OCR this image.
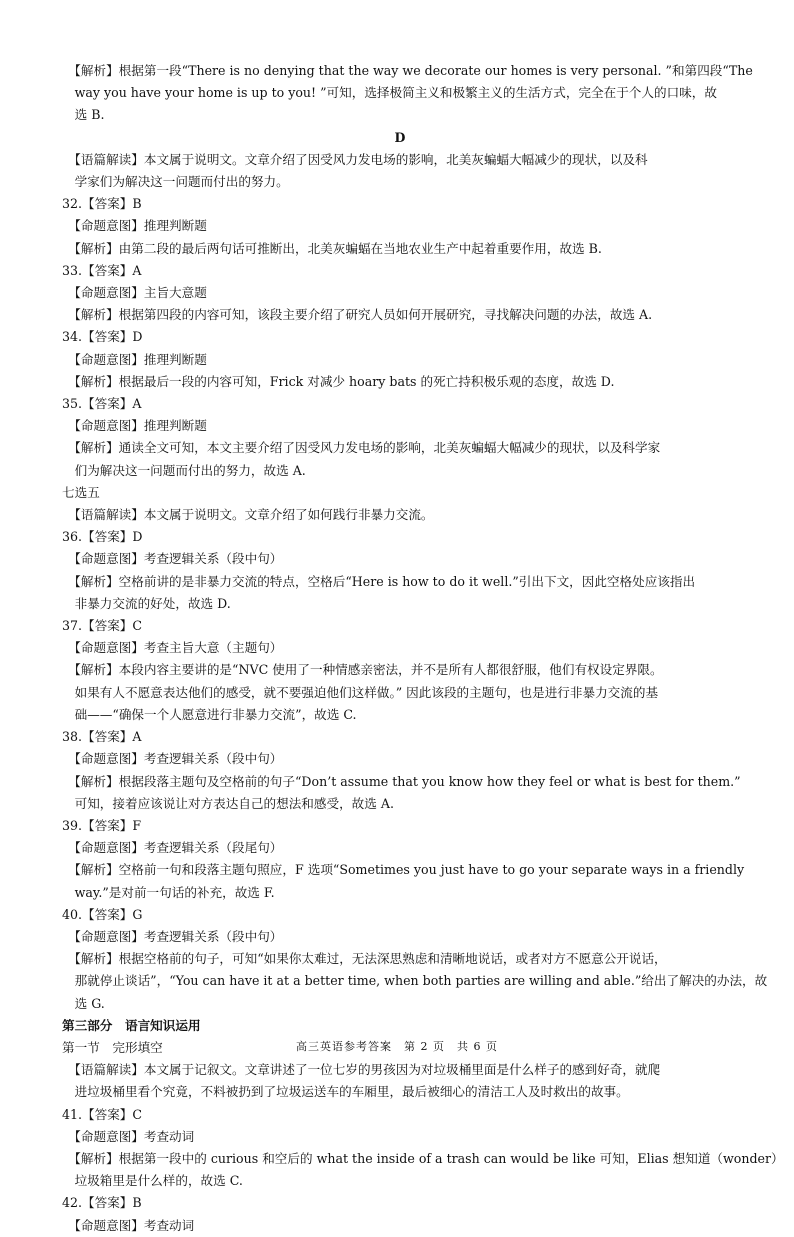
　【解析】根据第一段“There is no denying that the way we decorate our homes is very personal. ”和第四段“The
　way you have your home is up to you! ”可知，选择极简主义和极繁主义的生活方式，完全在于个人的口味，故
　选 B.
D
　【语篇解读】本文属于说明文。文章介绍了因受风力发电场的影响，北美灰蝙蝠大幅减少的现状，以及科
　学家们为解决这一问题而付出的努力。
32.【答案】B
　【命题意图】推理判断题
　【解析】由第二段的最后两句话可推断出，北美灰蝙蝠在当地农业生产中起着重要作用，故选 B.
33.【答案】A
　【命题意图】主旨大意题
　【解析】根据第四段的内容可知，该段主要介绍了研究人员如何开展研究，寻找解决问题的办法，故选 A.
34.【答案】D
　【命题意图】推理判断题
　【解析】根据最后一段的内容可知，Frick 对减少 hoary bats 的死亡持积极乐观的态度，故选 D.
35.【答案】A
　【命题意图】推理判断题
　【解析】通读全文可知，本文主要介绍了因受风力发电场的影响，北美灰蝙蝠大幅减少的现状，以及科学家
　们为解决这一问题而付出的努力，故选 A.
七选五
　【语篇解读】本文属于说明文。文章介绍了如何践行非暴力交流。
36.【答案】D
　【命题意图】考查逻辑关系（段中句）
　【解析】空格前讲的是非暴力交流的特点，空格后“Here is how to do it well.”引出下文，因此空格处应该指出
　非暴力交流的好处，故选 D.
37.【答案】C
　【命题意图】考查主旨大意（主题句）
　【解析】本段内容主要讲的是“NVC 使用了一种情感亲密法，并不是所有人都很舒服，他们有权设定界限。
　如果有人不愿意表达他们的感受，就不要强迫他们这样做。” 因此该段的主题句，也是进行非暴力交流的基
　础——“确保一个人愿意进行非暴力交流”，故选 C.
38.【答案】A
　【命题意图】考查逻辑关系（段中句）
　【解析】根据段落主题句及空格前的句子“Don’t assume that you know how they feel or what is best for them.”
　可知，接着应该说让对方表达自己的想法和感受，故选 A.
39.【答案】F
　【命题意图】考查逻辑关系（段尾句）
　【解析】空格前一句和段落主题句照应，F 选项“Sometimes you just have to go your separate ways in a friendly
　way.”是对前一句话的补充，故选 F.
40.【答案】G
　【命题意图】考查逻辑关系（段中句）
　【解析】根据空格前的句子，可知“如果你太难过，无法深思熟虑和清晰地说话，或者对方不愿意公开说话，
　那就停止谈话”，“You can have it at a better time, when both parties are willing and able.”给出了解决的办法，故
　选 G.
第三部分　语言知识运用
第一节　完形填空
　【语篇解读】本文属于记叙文。文章讲述了一位七岁的男孩因为对垃圾桶里面是什么样子的感到好奇，就爬
　进垃圾桶里看个究竟，不料被扔到了垃圾运送车的车厢里，最后被细心的清洁工人及时救出的故事。
41.【答案】C
　【命题意图】考查动词
　【解析】根据第一段中的 curious 和空后的 what the inside of a trash can would be like 可知，Elias 想知道（wonder）
　垃圾箱里是什么样的，故选 C.
42.【答案】B
　【命题意图】考查动词
高三英语参考答案　第 2 页　共 6 页
